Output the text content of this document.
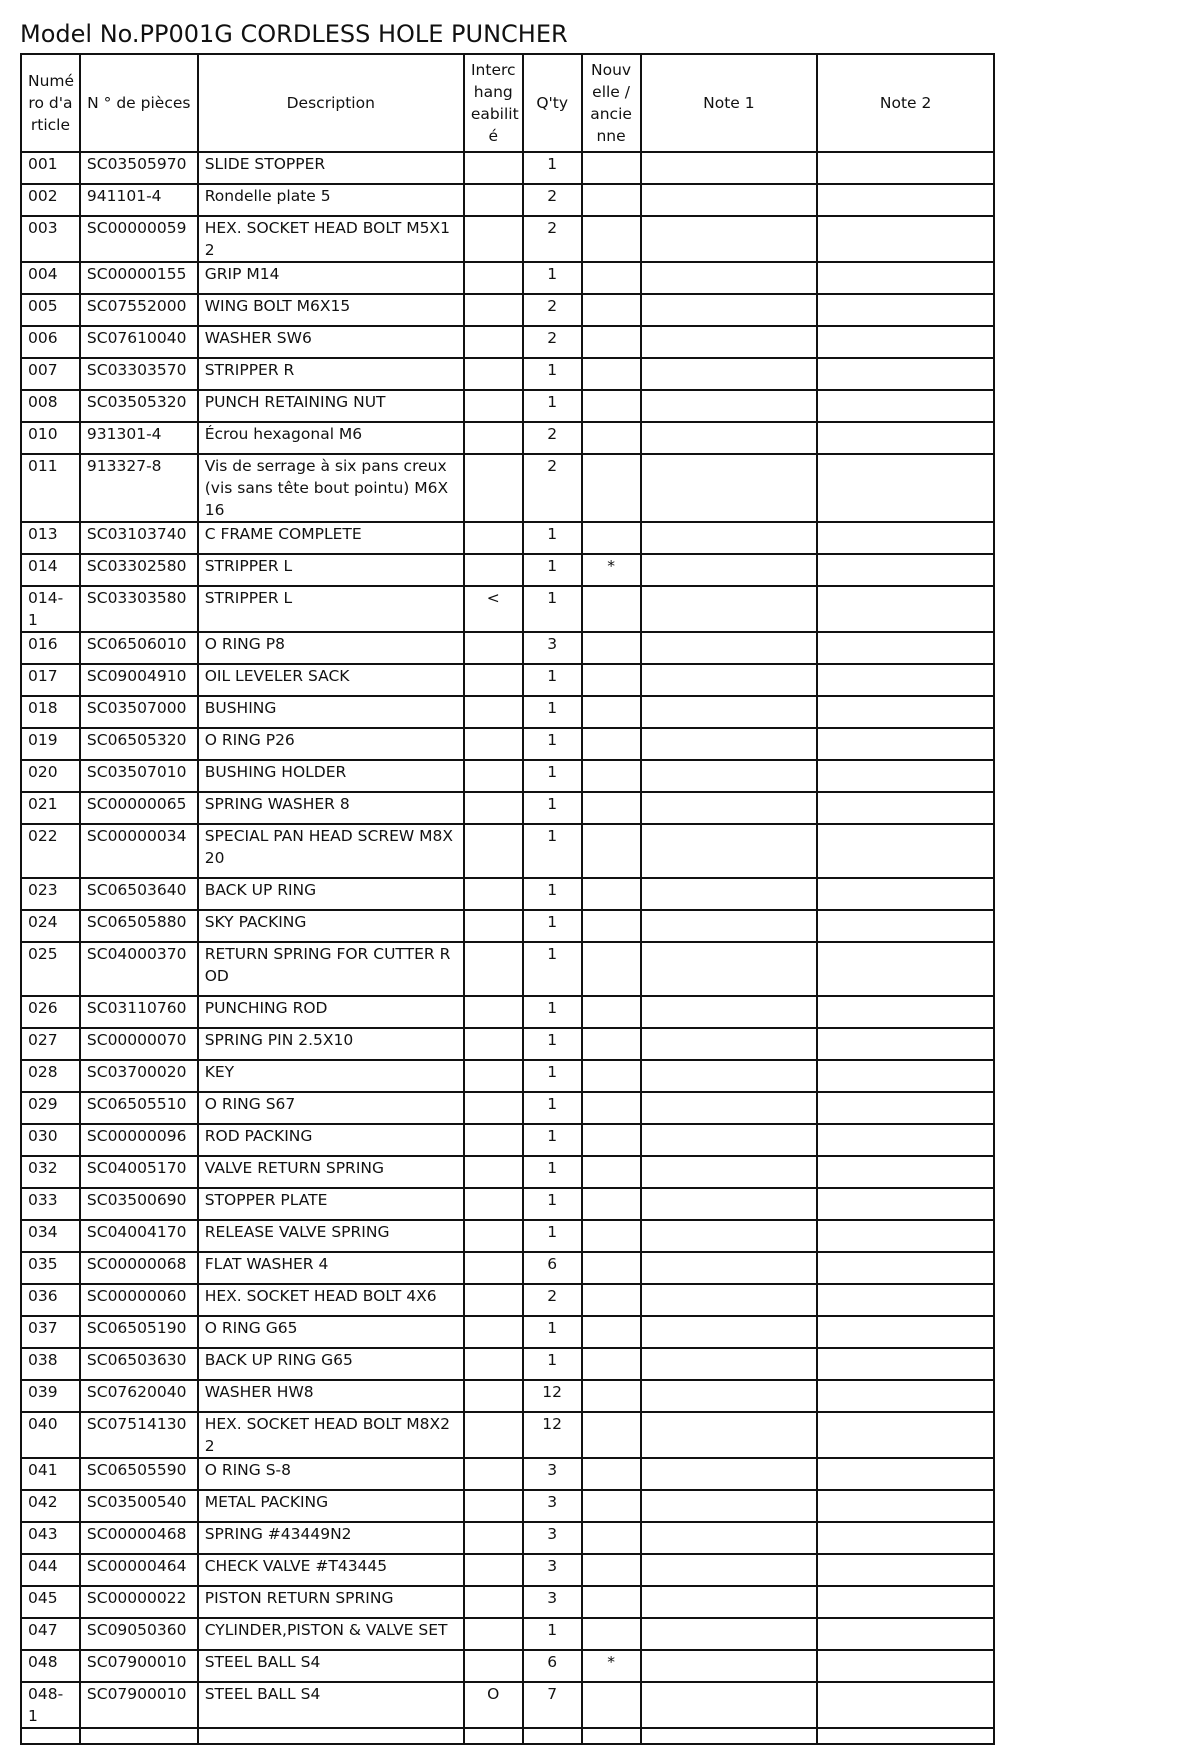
Model No.PP001G CORDLESS HOLE PUNCHER
Numé ro d'a rticle	N ° de pièces	Description	Interc hang eabilit é	Q'ty	Nouv elle / ancie nne	Note 1	Note 2
001	SC03505970	SLIDE STOPPER		1			
002	941101-4	Rondelle plate 5		2			
003	SC00000059	HEX. SOCKET HEAD BOLT M5X12		2			
004	SC00000155	GRIP M14		1			
005	SC07552000	WING BOLT M6X15		2			
006	SC07610040	WASHER SW6		2			
007	SC03303570	STRIPPER R		1			
008	SC03505320	PUNCH RETAINING NUT		1			
010	931301-4	Écrou hexagonal M6		2			
011	913327-8	Vis de serrage à six pans creux (vis sans tête bout pointu) M6X16		2			
013	SC03103740	C FRAME COMPLETE		1			
014	SC03302580	STRIPPER L		1	*		
014-1	SC03303580	STRIPPER L	<	1			
016	SC06506010	O RING P8		3			
017	SC09004910	OIL LEVELER SACK		1			
018	SC03507000	BUSHING		1			
019	SC06505320	O RING P26		1			
020	SC03507010	BUSHING HOLDER		1			
021	SC00000065	SPRING WASHER 8		1			
022	SC00000034	SPECIAL PAN HEAD SCREW M8X20		1			
023	SC06503640	BACK UP RING		1			
024	SC06505880	SKY PACKING		1			
025	SC04000370	RETURN SPRING FOR CUTTER ROD		1			
026	SC03110760	PUNCHING ROD		1			
027	SC00000070	SPRING PIN 2.5X10		1			
028	SC03700020	KEY		1			
029	SC06505510	O RING S67		1			
030	SC00000096	ROD PACKING		1			
032	SC04005170	VALVE RETURN SPRING		1			
033	SC03500690	STOPPER PLATE		1			
034	SC04004170	RELEASE VALVE SPRING		1			
035	SC00000068	FLAT WASHER 4		6			
036	SC00000060	HEX. SOCKET HEAD BOLT 4X6		2			
037	SC06505190	O RING G65		1			
038	SC06503630	BACK UP RING G65		1			
039	SC07620040	WASHER HW8		12			
040	SC07514130	HEX. SOCKET HEAD BOLT M8X22		12			
041	SC06505590	O RING S-8		3			
042	SC03500540	METAL PACKING		3			
043	SC00000468	SPRING #43449N2		3			
044	SC00000464	CHECK VALVE #T43445		3			
045	SC00000022	PISTON RETURN SPRING		3			
047	SC09050360	CYLINDER,PISTON & VALVE SET		1			
048	SC07900010	STEEL BALL S4		6	*		
048-1	SC07900010	STEEL BALL S4	O	7			
